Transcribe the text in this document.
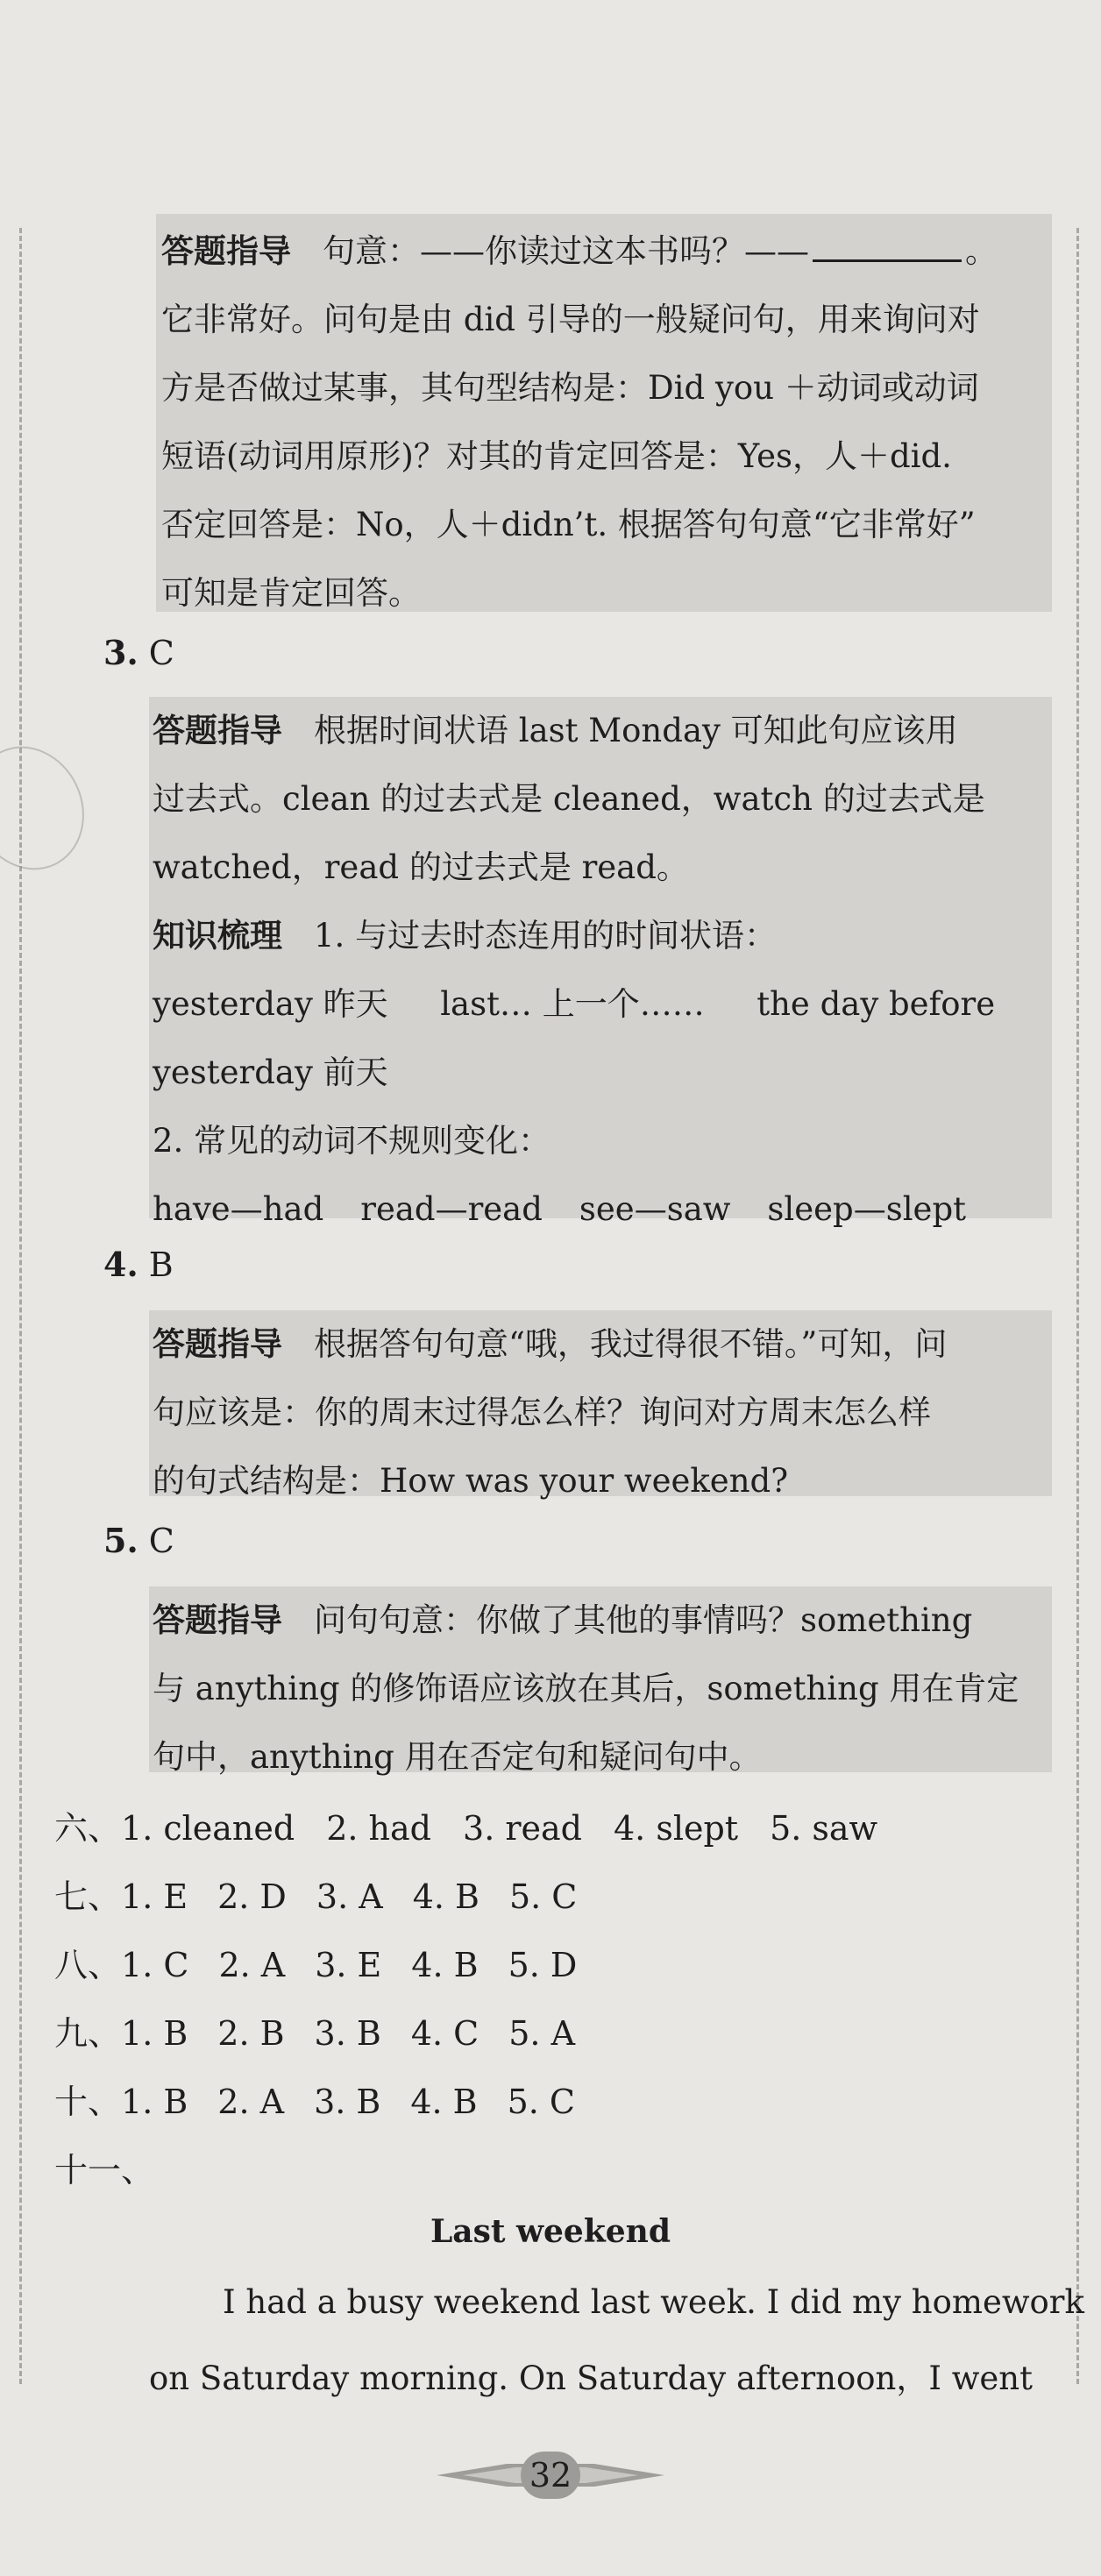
答题指导 句意：——你读过这本书吗？——	。
它非常好。问句是由 did 引导的一般疑问句，用来询问对
方是否做过某事，其句型结构是：Did you ＋动词或动词
短语(动词用原形)？对其的肯定回答是：Yes，人＋did.
否定回答是：No，人＋didn’t. 根据答句句意“它非常好”
可知是肯定回答。
3. C
答题指导 根据时间状语 last Monday 可知此句应该用
过去式。clean 的过去式是 cleaned，watch 的过去式是
watched，read 的过去式是 read。
知识梳理 1. 与过去时态连用的时间状语：
yesterday 昨天 last… 上一个…… the day before
yesterday 前天
2. 常见的动词不规则变化：
have—had read—read see—saw sleep—slept
4. B
答题指导 根据答句句意“哦，我过得很不错。”可知，问
句应该是：你的周末过得怎么样？询问对方周末怎么样
的句式结构是：How was your weekend?
5. C
答题指导 问句句意：你做了其他的事情吗？something
与 anything 的修饰语应该放在其后，something 用在肯定
句中，anything 用在否定句和疑问句中。
六、1. cleaned 2. had 3. read 4. slept 5. saw
七、1. E 2. D 3. A 4. B 5. C
八、1. C 2. A 3. E 4. B 5. D
九、1. B 2. B 3. B 4. C 5. A
十、1. B 2. A 3. B 4. B 5. C
十一、
Last weekend
I had a busy weekend last week. I did my homework
on Saturday morning. On Saturday afternoon，I went
32
